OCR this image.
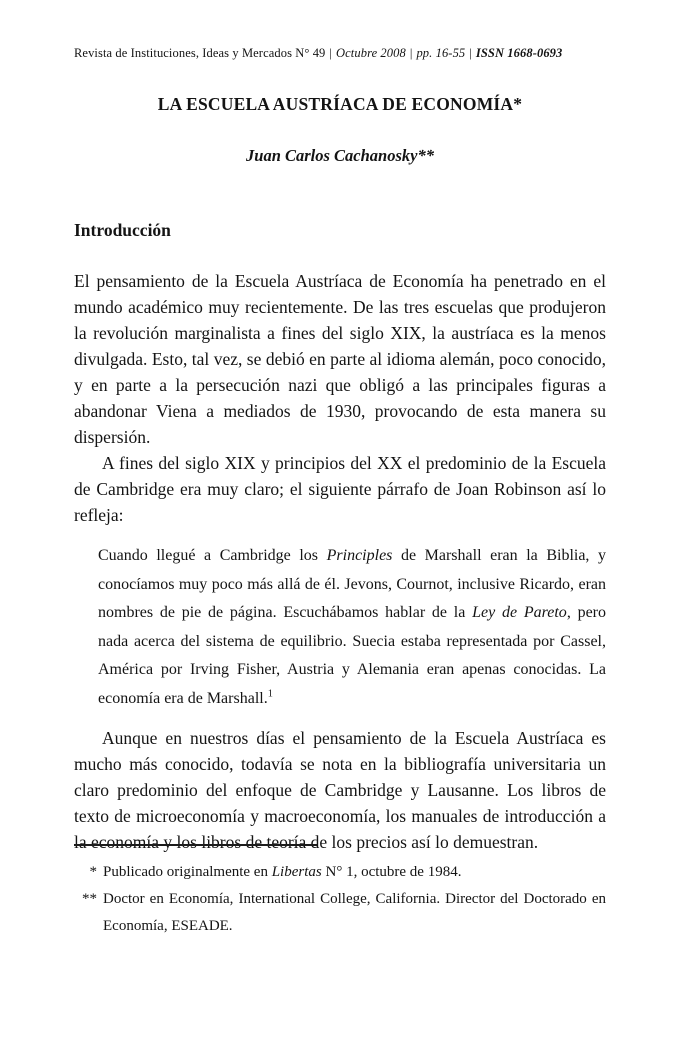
Revista de Instituciones, Ideas y Mercados N° 49 | Octubre 2008 | pp. 16-55 | ISSN 1668-0693
LA ESCUELA AUSTRÍACA DE ECONOMÍA*
Juan Carlos Cachanosky**
Introducción

El pensamiento de la Escuela Austríaca de Economía ha penetrado en el mundo académico muy recientemente. De las tres escuelas que produjeron la revolución marginalista a fines del siglo XIX, la austríaca es la menos divulgada. Esto, tal vez, se debió en parte al idioma alemán, poco conocido, y en parte a la persecución nazi que obligó a las principales figuras a abandonar Viena a mediados de 1930, provocando de esta manera su dispersión.

A fines del siglo XIX y principios del XX el predominio de la Escuela de Cambridge era muy claro; el siguiente párrafo de Joan Robinson así lo refleja:

Cuando llegué a Cambridge los Principles de Marshall eran la Biblia, y conocíamos muy poco más allá de él. Jevons, Cournot, inclusive Ricardo, eran nombres de pie de página. Escuchábamos hablar de la Ley de Pareto, pero nada acerca del sistema de equilibrio. Suecia estaba representada por Cassel, América por Irving Fisher, Austria y Alemania eran apenas conocidas. La economía era de Marshall.$^1$

Aunque en nuestros días el pensamiento de la Escuela Austríaca es mucho más conocido, todavía se nota en la bibliografía universitaria un claro predominio del enfoque de Cambridge y Lausanne. Los libros de texto de microeconomía y macroeconomía, los manuales de introducción a la economía y los libros de teoría de los precios así lo demuestran.

* Publicado originalmente en Libertas N° 1, octubre de 1984.
** Doctor en Economía, International College, California. Director del Doctorado en Economía, ESEADE.
